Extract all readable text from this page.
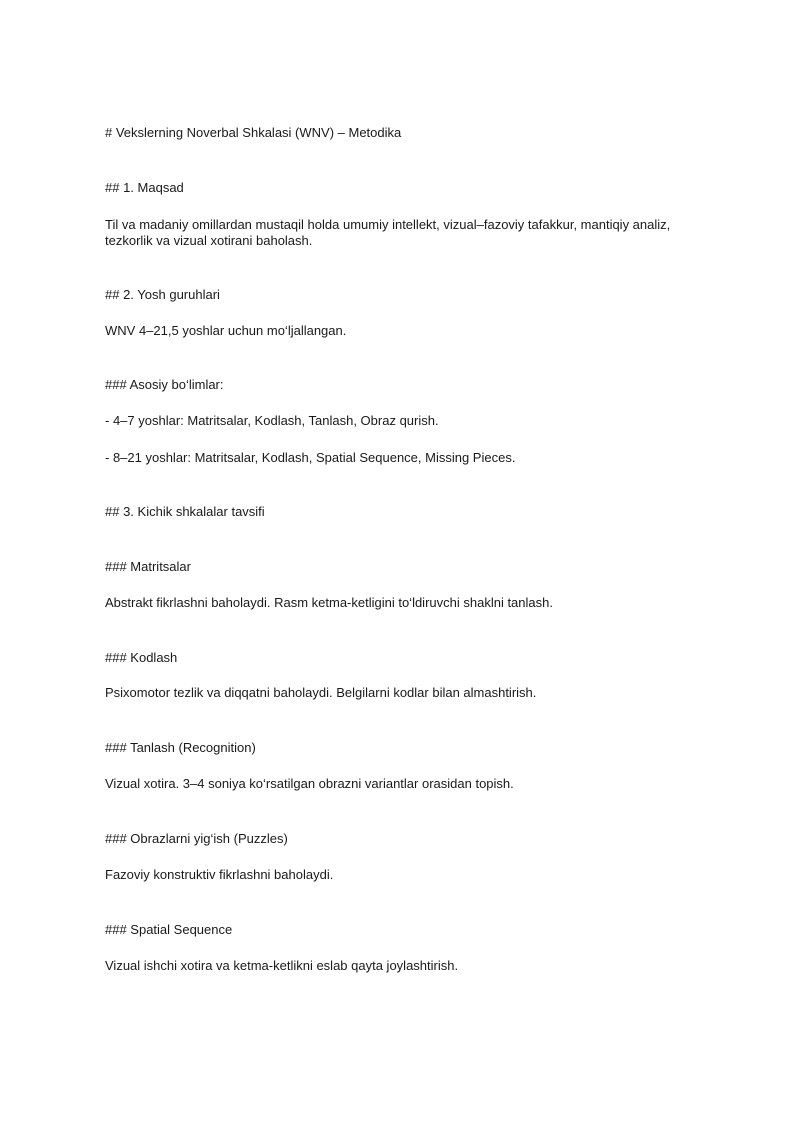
# Vekslerning Noverbal Shkalasi (WNV) – Metodika
## 1. Maqsad
Til va madaniy omillardan mustaqil holda umumiy intellekt, vizual–fazoviy tafakkur, mantiqiy analiz, tezkorlik va vizual xotirani baholash.
## 2. Yosh guruhlari
WNV 4–21,5 yoshlar uchun mo‘ljallangan.
### Asosiy bo‘limlar:
- 4–7 yoshlar: Matritsalar, Kodlash, Tanlash, Obraz qurish.
- 8–21 yoshlar: Matritsalar, Kodlash, Spatial Sequence, Missing Pieces.
## 3. Kichik shkalalar tavsifi
### Matritsalar
Abstrakt fikrlashni baholaydi. Rasm ketma-ketligini to‘ldiruvchi shaklni tanlash.
### Kodlash
Psixomotor tezlik va diqqatni baholaydi. Belgilarni kodlar bilan almashtirish.
### Tanlash (Recognition)
Vizual xotira. 3–4 soniya ko‘rsatilgan obrazni variantlar orasidan topish.
### Obrazlarni yig‘ish (Puzzles)
Fazoviy konstruktiv fikrlashni baholaydi.
### Spatial Sequence
Vizual ishchi xotira va ketma-ketlikni eslab qayta joylashtirish.
